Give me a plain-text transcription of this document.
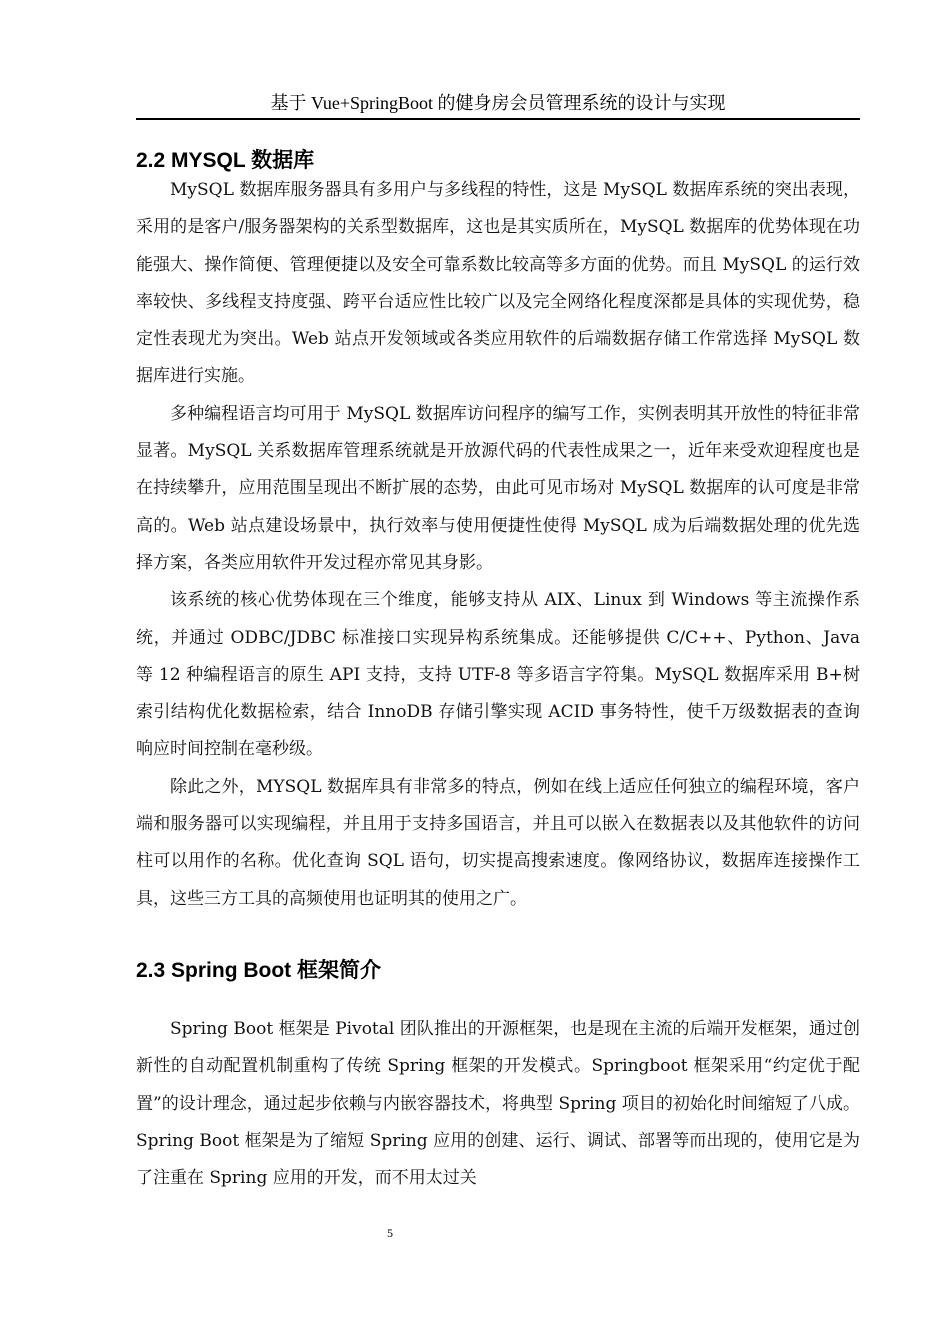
基于 Vue+SpringBoot 的健身房会员管理系统的设计与实现
2.2 MYSQL 数据库

MySQL 数据库服务器具有多用户与多线程的特性，这是 MySQL 数据库系统的突出表现，采用的是客户/服务器架构的关系型数据库，这也是其实质所在，MySQL 数据库的优势体现在功能强大、操作简便、管理便捷以及安全可靠系数比较高等多方面的优势。而且 MySQL 的运行效率较快、多线程支持度强、跨平台适应性比较广以及完全网络化程度深都是具体的实现优势，稳定性表现尤为突出。Web 站点开发领域或各类应用软件的后端数据存储工作常选择 MySQL 数据库进行实施。

多种编程语言均可用于 MySQL 数据库访问程序的编写工作，实例表明其开放性的特征非常显著。MySQL 关系数据库管理系统就是开放源代码的代表性成果之一，近年来受欢迎程度也是在持续攀升，应用范围呈现出不断扩展的态势，由此可见市场对 MySQL 数据库的认可度是非常高的。Web 站点建设场景中，执行效率与使用便捷性使得 MySQL 成为后端数据处理的优先选择方案，各类应用软件开发过程亦常见其身影。

该系统的核心优势体现在三个维度，能够支持从 AIX、Linux 到 Windows 等主流操作系统，并通过 ODBC/JDBC 标准接口实现异构系统集成。还能够提供 C/C++、Python、Java 等 12 种编程语言的原生 API 支持，支持 UTF-8 等多语言字符集。MySQL 数据库采用 B+树索引结构优化数据检索，结合 InnoDB 存储引擎实现 ACID 事务特性，使千万级数据表的查询响应时间控制在毫秒级。

除此之外，MYSQL 数据库具有非常多的特点，例如在线上适应任何独立的编程环境，客户端和服务器可以实现编程，并且用于支持多国语言，并且可以嵌入在数据表以及其他软件的访问柱可以用作的名称。优化查询 SQL 语句，切实提高搜索速度。像网络协议，数据库连接操作工具，这些三方工具的高频使用也证明其的使用之广。

2.3 Spring Boot 框架简介

Spring Boot 框架是 Pivotal 团队推出的开源框架，也是现在主流的后端开发框架，通过创新性的自动配置机制重构了传统 Spring 框架的开发模式。Springboot 框架采用“约定优于配置”的设计理念，通过起步依赖与内嵌容器技术，将典型 Spring 项目的初始化时间缩短了八成。Spring Boot 框架是为了缩短 Spring 应用的创建、运行、调试、部署等而出现的，使用它是为了注重在 Spring 应用的开发，而不用太过关

5
